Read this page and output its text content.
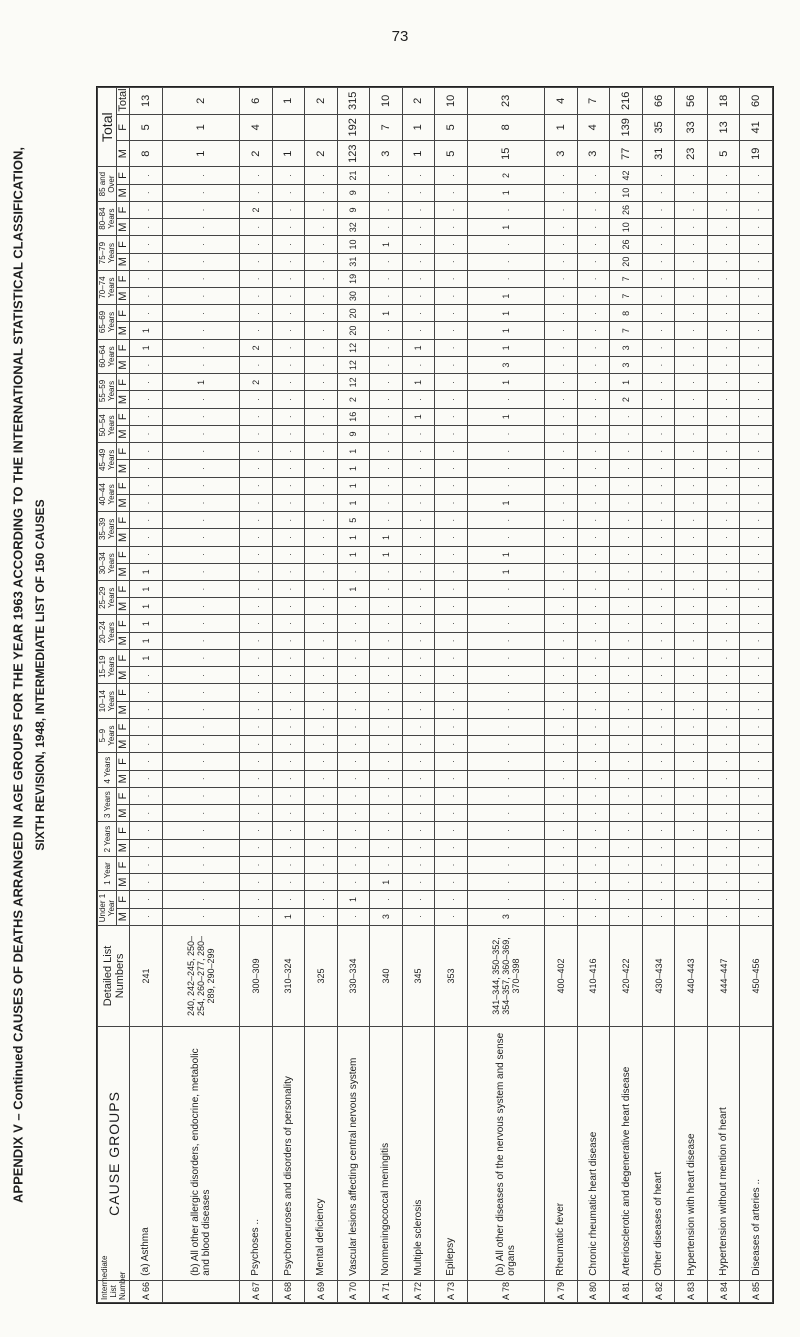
73
APPENDIX V – Continued CAUSES OF DEATHS ARRANGED IN AGE GROUPS FOR THE YEAR 1963 ACCORDING TO THE INTERNATIONAL STATISTICAL CLASSIFICATION, SIXTH REVISION, 1948, INTERMEDIATE LIST OF 150 CAUSES
Intermediate List Number	CAUSE GROUPS	Detailed List Numbers	Under 1 Year		1 Year		2 Years		3 Years		4 Years		5–9 Years		10–14 Years		15–19 Years		20–24 Years		25–29 Years		30–34 Years		35–39 Years		40–44 Years		45–49 Years		50–54 Years		55–59 Years		60–64 Years		65–69 Years		70–74 Years		75–79 Years		80–84 Years		85 and Over		Total		
			M	F	M	F	M	F	M	F	M	F	M	F	M	F	M	F	M	F	M	F	M	F	M	F	M	F	M	F	M	F	M	F	M	F	M	F	M	F	M	F	M	F	M	F	M	F	Total
A 66	(a) Asthma	241	.	.	.	.	.	.	.	.	.	.	.	.	.	.	.	1	1	1	1	1	1	.	.	.	.	.	.	.	.	.	.	.	.	1	1	.	.	.	.	.	.	.	.	.	8	5	13
	(b) All other allergic disorders, endocrine, metabolic and blood diseases	240, 242–245, 250–254, 260–277, 280–289, 290–299	.	.	.	.	.	.	.	.	.	.	.	.	.	.	.	.	.	.	.	.	.	.	.	.	.	.	.	.	.	.	.	1	.	.	.	.	.	.	.	.	.	.	.	.	1	1	2
A 67	Psychoses ..	300–309	.	.	.	.	.	.	.	.	.	.	.	.	.	.	.	.	.	.	.	.	.	.	.	.	.	.	.	.	.	.	.	2	.	2	.	.	.	.	.	.	.	2	.	.	2	4	6
A 68	Psychoneuroses and disorders of personality	310–324	1	.	.	.	.	.	.	.	.	.	.	.	.	.	.	.	.	.	.	.	.	.	.	.	.	.	.	.	.	.	.	.	.	.	.	.	.	.	.	.	.	.	.	.	1		1
A 69	Mental deficiency	325	.	.	.	.	.	.	.	.	.	.	.	.	.	.	.	.	.	.	.	.	.	.	.	.	.	.	.	.	.	.	.	.	.	.	.	.	.	.	.	.	.	.	.	.	2		2
A 70	Vascular lesions affecting central nervous system	330–334	.	1	.	.	.	.	.	.	.	.	.	.	.	.	.	.	.	.	.	1	.	1	1	5	1	1	1	1	9	16	2	12	12	12	20	20	30	19	31	10	32	9	9	21	123	192	315
A 71	Nonmeningococcal meningitis	340	3	.	1	.	.	.	.	.	.	.	.	.	.	.	.	.	.	.	.	.	.	1	1	.	.	.	.	.	.	.	.	.	.	.	.	1	.	.	.	1	.	.	.	.	3	7	10
A 72	Multiple sclerosis	345	.	.	.	.	.	.	.	.	.	.	.	.	.	.	.	.	.	.	.	.	.	.	.	.	.	.	.	.	.	1	.	1	.	1	.	.	.	.	.	.	.	.	.	.	1	1	2
A 73	Epilepsy	353	.	.	.	.	.	.	.	.	.	.	.	.	.	.	.	.	.	.	.	.	.	.	.	.	.	.	.	.	.	.	.	.	.	.	.	.	.	.	.	.	.	.	.	.	5	5	10
A 78	(b) All other diseases of the nervous system and sense organs	341–344, 350–352, 354–357, 360–369, 370–398	3	.	.	.	.	.	.	.	.	.	.	.	.	.	.	.	.	.	.	.	1	1	.	.	1	.	.	.	.	1	.	1	3	1	1	1	1	.	.	.	1	.	1	2	15	8	23
A 79	Rheumatic fever	400–402	.	.	.	.	.	.	.	.	.	.	.	.	.	.	.	.	.	.	.	.	.	.	.	.	.	.	.	.	.	.	.	.	.	.	.	.	.	.	.	.	.	.	.	.	3	1	4
A 80	Chronic rheumatic heart disease	410–416	.	.	.	.	.	.	.	.	.	.	.	.	.	.	.	.	.	.	.	.	.	.	.	.	.	.	.	.	.	.	.	.	.	.	.	.	.	.	.	.	.	.	.	.	3	4	7
A 81	Arteriosclerotic and degenerative heart disease	420–422	.	.	.	.	.	.	.	.	.	.	.	.	.	.	.	.	.	.	.	.	.	.	.	.	.	.	.	.	.	.	2	1	3	3	7	8	7	7	20	26	10	26	10	42	77	139	216
A 82	Other diseases of heart	430–434	.	.	.	.	.	.	.	.	.	.	.	.	.	.	.	.	.	.	.	.	.	.	.	.	.	.	.	.	.	.	.	.	.	.	.	.	.	.	.	.	.	.	.	.	31	35	66
A 83	Hypertension with heart disease	440–443	.	.	.	.	.	.	.	.	.	.	.	.	.	.	.	.	.	.	.	.	.	.	.	.	.	.	.	.	.	.	.	.	.	.	.	.	.	.	.	.	.	.	.	.	23	33	56
A 84	Hypertension without mention of heart	444–447	.	.	.	.	.	.	.	.	.	.	.	.	.	.	.	.	.	.	.	.	.	.	.	.	.	.	.	.	.	.	.	.	.	.	.	.	.	.	.	.	.	.	.	.	5	13	18
A 85	Diseases of arteries ..	450–456	.	.	.	.	.	.	.	.	.	.	.	.	.	.	.	.	.	.	.	.	.	.	.	.	.	.	.	.	.	.	.	.	.	.	.	.	.	.	.	.	.	.	.	.	19	41	60
